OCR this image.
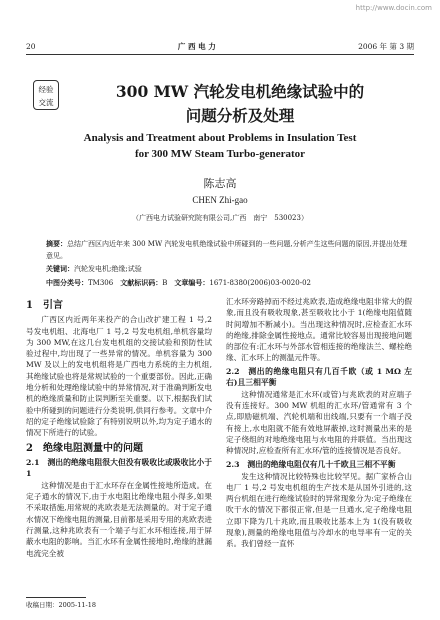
http://www.docin.com
20	广 西 电 力	2006 年 第 3 期
经验
交流
300 MW 汽轮发电机绝缘试验中的
问题分析及处理
Analysis and Treatment about Problems in Insulation Test
for 300 MW Steam Turbo-generator
陈志高
CHEN Zhi-gao
（广西电力试验研究院有限公司,广西　南宁　530023）
摘要：总结广西区内近年来 300 MW 汽轮发电机绝缘试验中所碰到的一些问题,分析产生这些问题的原因,并提出处理意见。
关键词：汽轮发电机;绝缘;试验
中图分类号：TM306　 文献标识码：B　 文章编号：1671-8380(2006)03-0020-02
1　引言

广西区内近两年来投产的合山改扩建工程 1 号,2 号发电机组、北海电厂 1 号,2 号发电机组,单机容量均为 300 MW,在这几台发电机组的交接试验和预防性试验过程中,均出现了一些异常的情况。单机容量为 300 MW 及以上的发电机组将是广西电力系统的主力机组,其绝缘试验也将是常规试验的一个重要部份。因此,正确地分析和处理绝缘试验中的异常情况,对于准确判断发电机的绝缘质量和防止误判断至关重要。以下,根据我们试验中所碰到的问题进行分类说明,供同行参考。文章中介绍的定子绝缘试验除了有特别说明以外,均为定子通水的情况下所进行的试验。

2　绝缘电阻测量中的问题
2.1　测出的绝缘电阻很大但没有吸收比或吸收比小于 1

这种情况是由于汇水环存在金属性接地所造成。在定子通水的情况下,由于水电阻比绝缘电阻小得多,如果不采取措施,用常规的兆欧表是无法测量的。对于定子通水情况下绝缘电阻的测量,目前都是采用专用的兆欧表进行测量,这种兆欧表有一个端子与汇水环相连接,用于屏蔽水电阻的影响。当汇水环有金属性接地时,绝缘的泄漏电流完全被

汇水环旁路掉而不经过兆欧表,造成绝缘电阻非常大的假象,而且没有吸收现象,甚至吸收比小于 1(绝缘电阻值随时间增加不断减小)。当出现这种情况时,应检查汇水环的绝缘,排除金属性接地点。通常比较容易出现接地问题的部位有:汇水环与外部水管相连接的绝缘法兰、螺栓绝缘、汇水环上的测温元件等。

2.2　测出的绝缘电阻只有几百千欧（或 1 MΩ 左右)且三相平衡

这种情况通常是汇水环(或管)与兆欧表的对应端子没有连接好。300 MW 机组的汇水环/管通常有 3 个点,即励磁机端、汽轮机端和出线端,只要有一个端子没有接上,水电阻就不能有效地屏蔽掉,这时测量出来的是定子绕组的对地绝缘电阻与水电阻的并联值。当出现这种情况时,应检查所有汇水环/管的连接情况是否良好。

2.3　测出的绝缘电阻仅有几十千欧且三相不平衡

发生这种情况比较特殊也比较罕见。据广家桥合山电厂 1 号,2 号发电机组的生产技术是从国外引进的,这两台机组在进行绝缘试验时的异常现象分为:定子绝缘在吹干水的情况下都很正常,但是一旦通水,定子绝缘电阻立即下降为几十兆欧,而且吸收比基本上为 1(没有吸收现象),测量的绝缘电阻值与冷却水的电导率有一定的关系。我们曾经一直怀

收稿日期：2005-11-18
